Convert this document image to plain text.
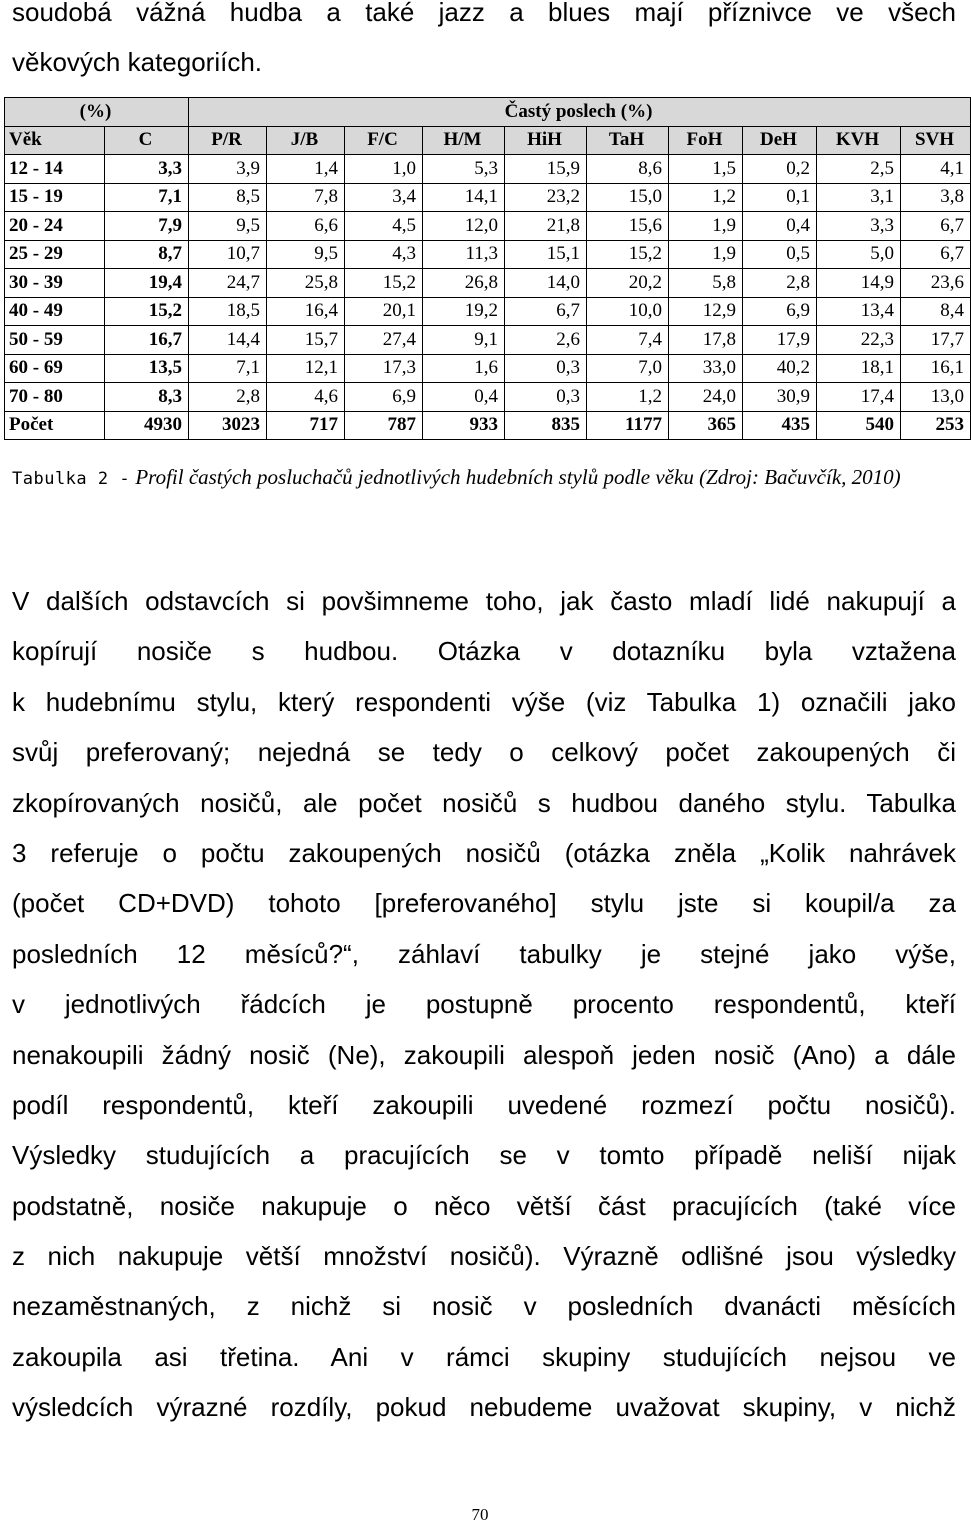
soudobá vážná hudba a také jazz a blues mají příznivce ve všech
věkových kategoriích.
(%)		Častý poslech (%)									
Věk	C	P/R	J/B	F/C	H/M	HiH	TaH	FoH	DeH	KVH	SVH
12 - 14	3,3	3,9	1,4	1,0	5,3	15,9	8,6	1,5	0,2	2,5	4,1
15 - 19	7,1	8,5	7,8	3,4	14,1	23,2	15,0	1,2	0,1	3,1	3,8
20 - 24	7,9	9,5	6,6	4,5	12,0	21,8	15,6	1,9	0,4	3,3	6,7
25 - 29	8,7	10,7	9,5	4,3	11,3	15,1	15,2	1,9	0,5	5,0	6,7
30 - 39	19,4	24,7	25,8	15,2	26,8	14,0	20,2	5,8	2,8	14,9	23,6
40 - 49	15,2	18,5	16,4	20,1	19,2	6,7	10,0	12,9	6,9	13,4	8,4
50 - 59	16,7	14,4	15,7	27,4	9,1	2,6	7,4	17,8	17,9	22,3	17,7
60 - 69	13,5	7,1	12,1	17,3	1,6	0,3	7,0	33,0	40,2	18,1	16,1
70 - 80	8,3	2,8	4,6	6,9	0,4	0,3	1,2	24,0	30,9	17,4	13,0
Počet	4930	3023	717	787	933	835	1177	365	435	540	253
Tabulka 2 - Profil častých posluchačů jednotlivých hudebních stylů podle věku (Zdroj: Bačuvčík, 2010)
V dalších odstavcích si povšimneme toho, jak často mladí lidé nakupují a
kopírují nosiče s hudbou. Otázka v dotazníku byla vztažena
k hudebnímu stylu, který respondenti výše (viz Tabulka 1) označili jako
svůj preferovaný; nejedná se tedy o celkový počet zakoupených či
zkopírovaných nosičů, ale počet nosičů s hudbou daného stylu. Tabulka
3 referuje o počtu zakoupených nosičů (otázka zněla „Kolik nahrávek
(počet CD+DVD) tohoto [preferovaného] stylu jste si koupil/a za
posledních 12 měsíců?“, záhlaví tabulky je stejné jako výše,
v jednotlivých řádcích je postupně procento respondentů, kteří
nenakoupili žádný nosič (Ne), zakoupili alespoň jeden nosič (Ano) a dále
podíl respondentů, kteří zakoupili uvedené rozmezí počtu nosičů).
Výsledky studujících a pracujících se v tomto případě neliší nijak
podstatně, nosiče nakupuje o něco větší část pracujících (také více
z nich nakupuje větší množství nosičů). Výrazně odlišné jsou výsledky
nezaměstnaných, z nichž si nosič v posledních dvanácti měsících
zakoupila asi třetina. Ani v rámci skupiny studujících nejsou ve
výsledcích výrazné rozdíly, pokud nebudeme uvažovat skupiny, v nichž
70
